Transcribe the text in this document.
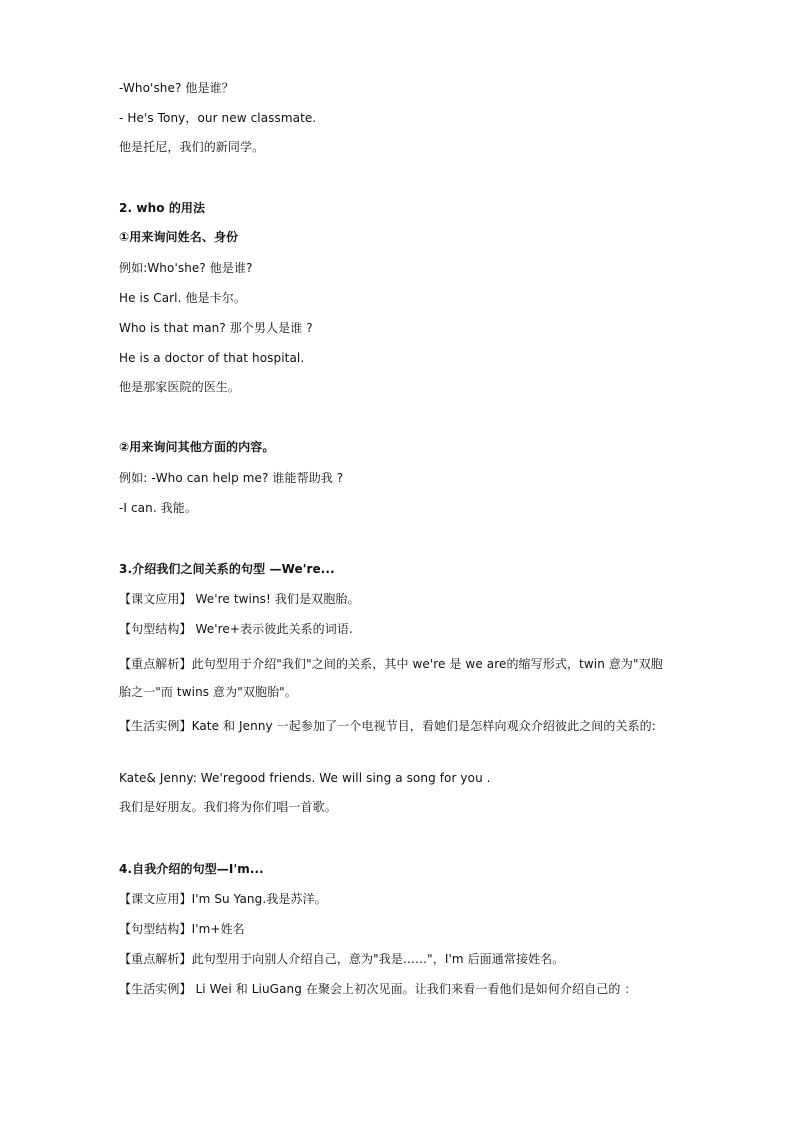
-Who'she? 他是谁？
- He's Tony，our new classmate.
他是托尼，我们的新同学。
2. who 的用法
①用来询问姓名、身份
例如:Who'she? 他是谁?
He is Carl. 他是卡尔。
Who is that man? 那个男人是谁 ?
He is a doctor of that hospital.
他是那家医院的医生。
②用来询问其他方面的内容。
例如: -Who can help me? 谁能帮助我 ?
-I can. 我能。
3.介绍我们之间关系的句型 —We're...
【课文应用】 We're twins! 我们是双胞胎。
【句型结构】 We're+表示彼此关系的词语.
【重点解析】此句型用于介绍"我们"之间的关系，其中 we're 是 we are的缩写形式，twin 意为"双胞胎之一"而 twins 意为"双胞胎"。
【生活实例】Kate 和 Jenny 一起参加了一个电视节目，看她们是怎样向观众介绍彼此之间的关系的:
Kate& Jenny: We'regood friends. We will sing a song for you .
我们是好朋友。我们将为你们唱一首歌。
4.自我介绍的句型—I'm...
【课文应用】I'm Su Yang.我是苏洋。
【句型结构】I'm+姓名
【重点解析】此句型用于向别人介绍自己，意为"我是……"，I'm 后面通常接姓名。
【生活实例】 Li Wei 和 LiuGang 在聚会上初次见面。让我们来看一看他们是如何介绍自己的 ：
